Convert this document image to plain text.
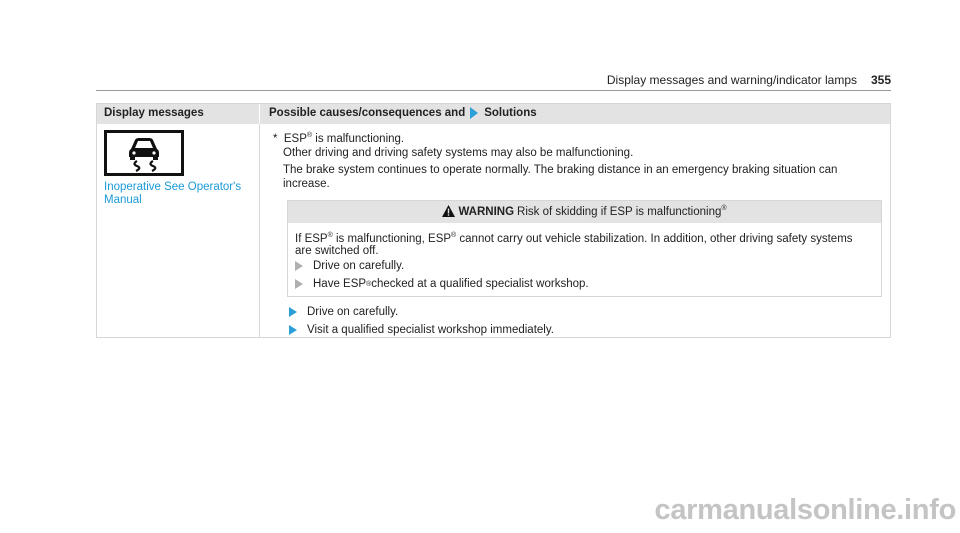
Display messages and warning/indicator lamps 355
Display messages	Possible causes/consequences and Solutions
Inoperative See Operator's Manual
* ESP® is malfunctioning.
Other driving and driving safety systems may also be malfunctioning.
The brake system continues to operate normally. The braking distance in an emergency braking situation can
increase.
WARNING Risk of skidding if ESP is malfunctioning®
If ESP® is malfunctioning, ESP® cannot carry out vehicle stabilization. In addition, other driving safety systems
are switched off.
Drive on carefully.
Have ESP ® checked at a qualified specialist workshop.
Drive on carefully.
Visit a qualified specialist workshop immediately.
carmanualsonline.info
